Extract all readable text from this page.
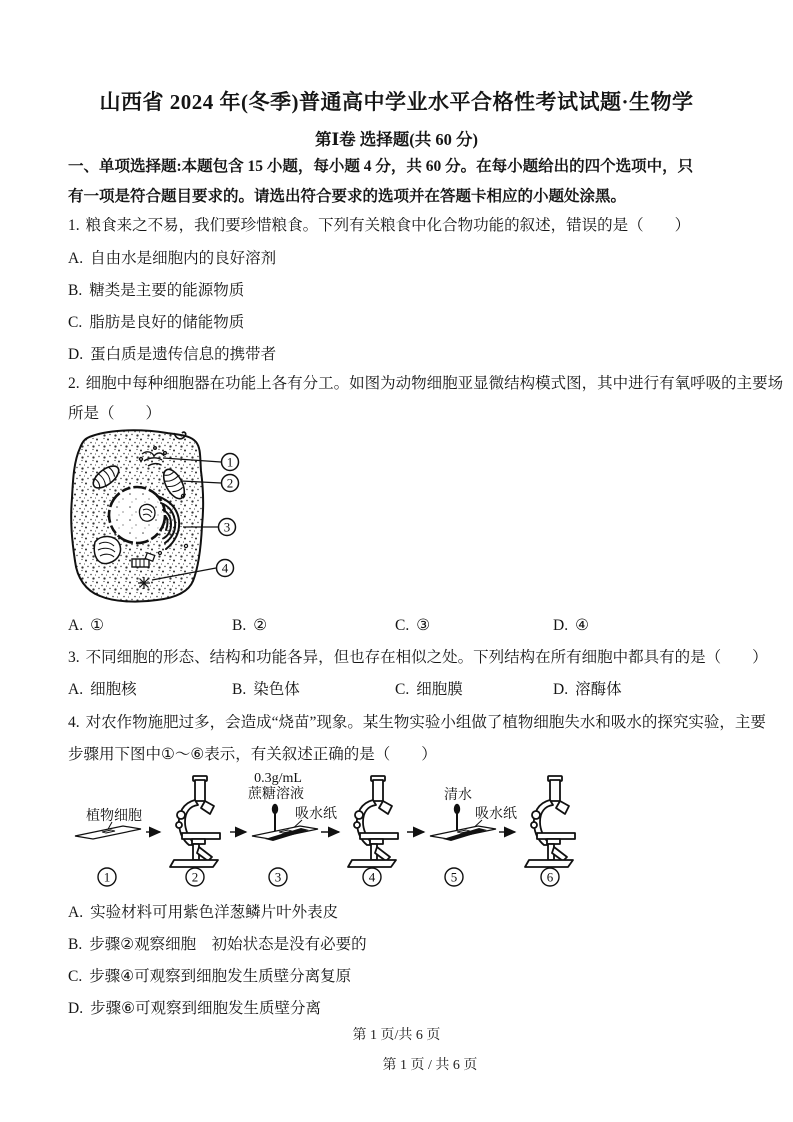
山西省 2024 年(冬季)普通高中学业水平合格性考试试题·生物学
第Ⅰ卷 选择题(共 60 分)
一、单项选择题:本题包含 15 小题，每小题 4 分，共 60 分。在每小题给出的四个选项中，只
有一项是符合题目要求的。请选出符合要求的选项并在答题卡相应的小题处涂黑。
1. 粮食来之不易，我们要珍惜粮食。下列有关粮食中化合物功能的叙述，错误的是（　　）
A. 自由水是细胞内的良好溶剂
B. 糖类是主要的能源物质
C. 脂肪是良好的储能物质
D. 蛋白质是遗传信息的携带者
2. 细胞中每种细胞器在功能上各有分工。如图为动物细胞亚显微结构模式图，其中进行有氧呼吸的主要场
所是（　　）
1
2
3
4
A. ①	B. ②	C. ③	D. ④
3. 不同细胞的形态、结构和功能各异，但也存在相似之处。下列结构在所有细胞中都具有的是（　　）
A. 细胞核	B. 染色体	C. 细胞膜	D. 溶酶体
4. 对农作物施肥过多，会造成“烧苗”现象。某生物实验小组做了植物细胞失水和吸水的探究实验，主要
步骤用下图中①～⑥表示，有关叙述正确的是（　　）
植物细胞
0.3g/mL
蔗糖溶液
吸水纸
清水
吸水纸
1	2	3	4	5	6
A. 实验材料可用紫色洋葱鳞片叶外表皮
B. 步骤②观察细胞　初始状态是没有必要的
C. 步骤④可观察到细胞发生质壁分离复原
D. 步骤⑥可观察到细胞发生质壁分离
第 1 页/共 6 页
第 1 页 / 共 6 页
